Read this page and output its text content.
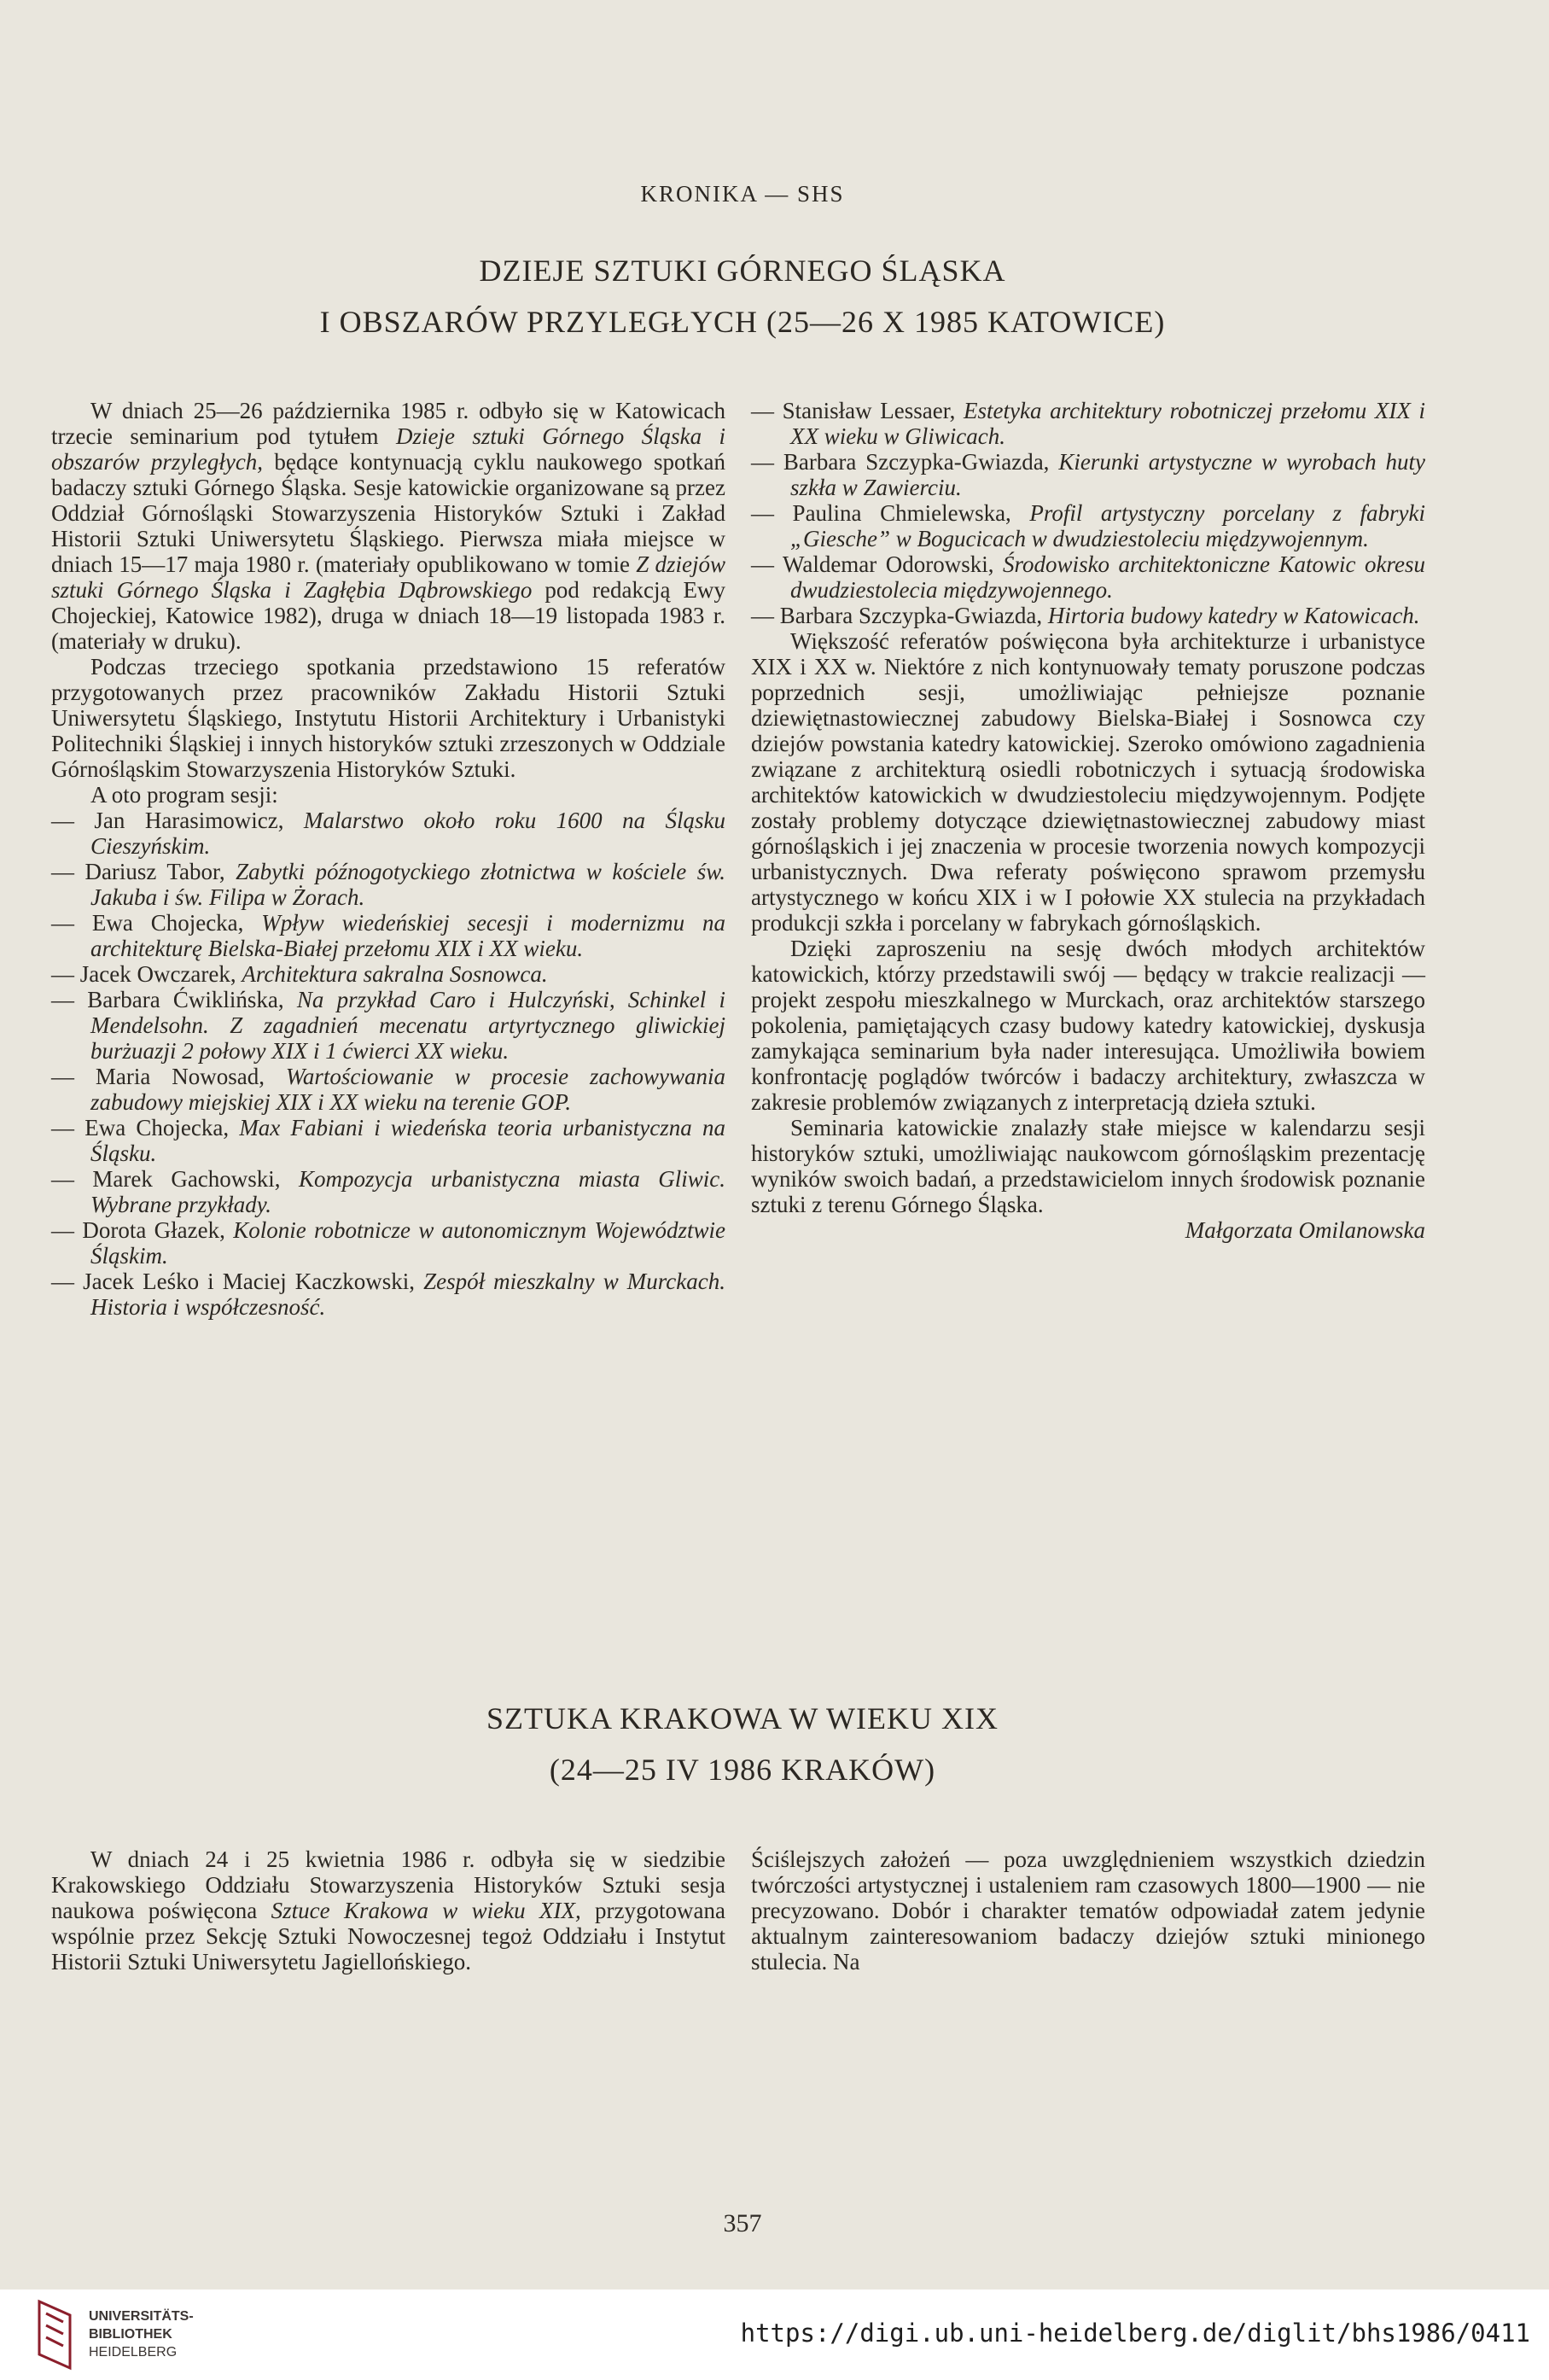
KRONIKA — SHS
DZIEJE SZTUKI GÓRNEGO ŚLĄSKA
I OBSZARÓW PRZYLEGŁYCH (25—26 X 1985 KATOWICE)

W dniach 25—26 października 1985 r. odbyło się w Katowicach trzecie seminarium pod tytułem Dzieje sztuki Górnego Śląska i obszarów przyległych, będące kontynuacją cyklu naukowego spotkań badaczy sztuki Górnego Śląska. Sesje katowickie organizowane są przez Oddział Górnośląski Stowarzyszenia Historyków Sztuki i Zakład Historii Sztuki Uniwersytetu Śląskiego. Pierwsza miała miejsce w dniach 15—17 maja 1980 r. (materiały opublikowano w tomie Z dziejów sztuki Górnego Śląska i Zagłębia Dąbrowskiego pod redakcją Ewy Chojeckiej, Katowice 1982), druga w dniach 18—19 listopada 1983 r. (materiały w druku).

Podczas trzeciego spotkania przedstawiono 15 referatów przygotowanych przez pracowników Zakładu Historii Sztuki Uniwersytetu Śląskiego, Instytutu Historii Architektury i Urbanistyki Politechniki Śląskiej i innych historyków sztuki zrzeszonych w Oddziale Górnośląskim Stowarzyszenia Historyków Sztuki.

A oto program sesji:

— Jan Harasimowicz, Malarstwo około roku 1600 na Śląsku Cieszyńskim.

— Dariusz Tabor, Zabytki późnogotyckiego złotnictwa w kościele św. Jakuba i św. Filipa w Żorach.

— Ewa Chojecka, Wpływ wiedeńskiej secesji i modernizmu na architekturę Bielska-Białej przełomu XIX i XX wieku.

— Jacek Owczarek, Architektura sakralna Sosnowca.

— Barbara Ćwiklińska, Na przykład Caro i Hulczyński, Schinkel i Mendelsohn. Z zagadnień mecenatu artyrtycznego gliwickiej burżuazji 2 połowy XIX i 1 ćwierci XX wieku.

— Maria Nowosad, Wartościowanie w procesie zachowywania zabudowy miejskiej XIX i XX wieku na terenie GOP.

— Ewa Chojecka, Max Fabiani i wiedeńska teoria urbanistyczna na Śląsku.

— Marek Gachowski, Kompozycja urbanistyczna miasta Gliwic. Wybrane przykłady.

— Dorota Głazek, Kolonie robotnicze w autonomicznym Województwie Śląskim.

— Jacek Leśko i Maciej Kaczkowski, Zespół mieszkalny w Murckach. Historia i współczesność.

— Stanisław Lessaer, Estetyka architektury robotniczej przełomu XIX i XX wieku w Gliwicach.

— Barbara Szczypka-Gwiazda, Kierunki artystyczne w wyrobach huty szkła w Zawierciu.

— Paulina Chmielewska, Profil artystyczny porcelany z fabryki „Giesche” w Bogucicach w dwudziestoleciu międzywojennym.

— Waldemar Odorowski, Środowisko architektoniczne Katowic okresu dwudziestolecia międzywojennego.

— Barbara Szczypka-Gwiazda, Hirtoria budowy katedry w Katowicach.

Większość referatów poświęcona była architekturze i urbanistyce XIX i XX w. Niektóre z nich kontynuowały tematy poruszone podczas poprzednich sesji, umożliwiając pełniejsze poznanie dziewiętnastowiecznej zabudowy Bielska-Białej i Sosnowca czy dziejów powstania katedry katowickiej. Szeroko omówiono zagadnienia związane z architekturą osiedli robotniczych i sytuacją środowiska architektów katowickich w dwudziestoleciu międzywojennym. Podjęte zostały problemy dotyczące dziewiętnastowiecznej zabudowy miast górnośląskich i jej znaczenia w procesie tworzenia nowych kompozycji urbanistycznych. Dwa referaty poświęcono sprawom przemysłu artystycznego w końcu XIX i w I połowie XX stulecia na przykładach produkcji szkła i porcelany w fabrykach górnośląskich.

Dzięki zaproszeniu na sesję dwóch młodych architektów katowickich, którzy przedstawili swój — będący w trakcie realizacji — projekt zespołu mieszkalnego w Murckach, oraz architektów starszego pokolenia, pamiętających czasy budowy katedry katowickiej, dyskusja zamykająca seminarium była nader interesująca. Umożliwiła bowiem konfrontację poglądów twórców i badaczy architektury, zwłaszcza w zakresie problemów związanych z interpretacją dzieła sztuki.

Seminaria katowickie znalazły stałe miejsce w kalendarzu sesji historyków sztuki, umożliwiając naukowcom górnośląskim prezentację wyników swoich badań, a przedstawicielom innych środowisk poznanie sztuki z terenu Górnego Śląska.

Małgorzata Omilanowska

SZTUKA KRAKOWA W WIEKU XIX
(24—25 IV 1986 KRAKÓW)

W dniach 24 i 25 kwietnia 1986 r. odbyła się w siedzibie Krakowskiego Oddziału Stowarzyszenia Historyków Sztuki sesja naukowa poświęcona Sztuce Krakowa w wieku XIX, przygotowana wspólnie przez Sekcję Sztuki Nowoczesnej tegoż Oddziału i Instytut Historii Sztuki Uniwersytetu Jagiellońskiego.

Ściślejszych założeń — poza uwzględnieniem wszystkich dziedzin twórczości artystycznej i ustaleniem ram czasowych 1800—1900 — nie precyzowano. Dobór i charakter tematów odpowiadał zatem jedynie aktualnym zainteresowaniom badaczy dziejów sztuki minionego stulecia. Na

357
UNIVERSITÄTS-
BIBLIOTHEK
HEIDELBERG
https://digi.ub.uni-heidelberg.de/diglit/bhs1986/0411
